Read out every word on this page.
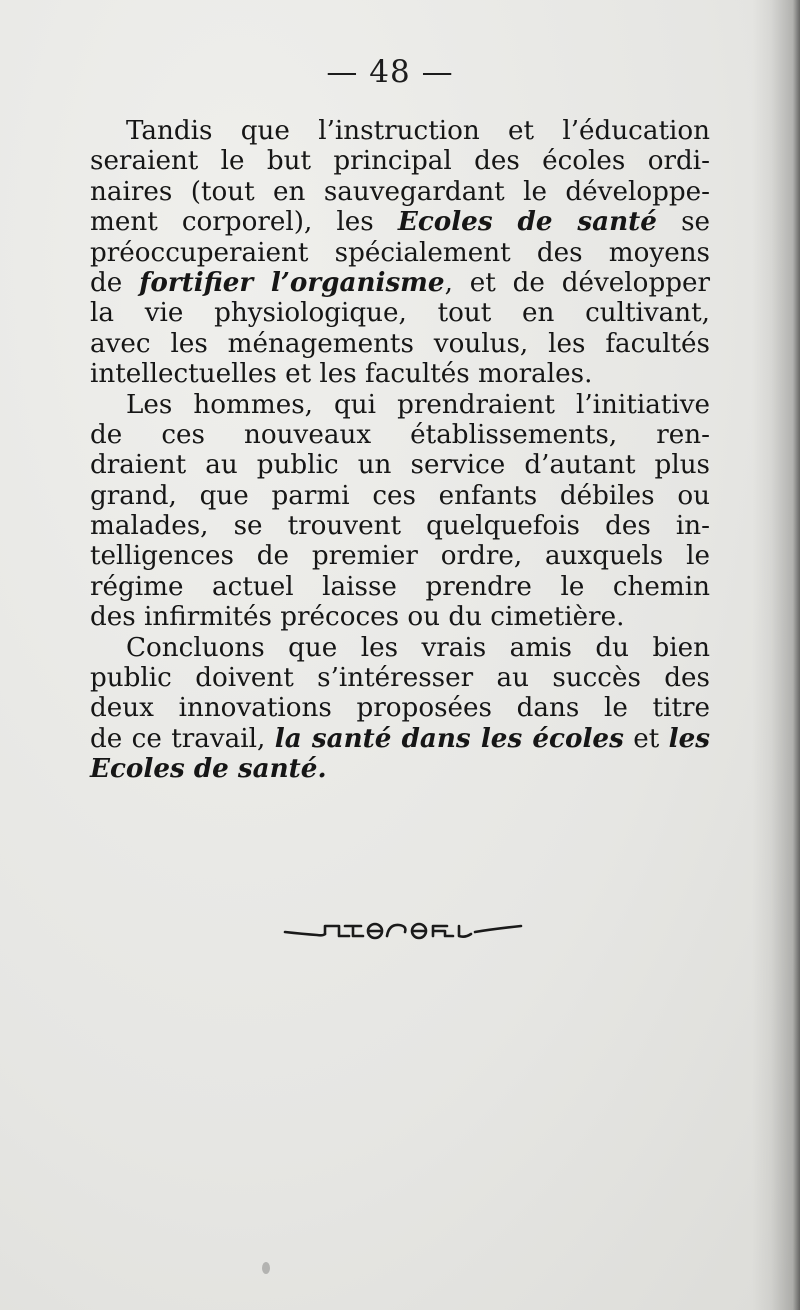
— 48 —
Tandis que l’instruction et l’éducation
seraient le but principal des écoles ordi-
naires (tout en sauvegardant le développe-
ment corporel), les Ecoles de santé se
préoccuperaient spécialement des moyens
de fortifier l’organisme, et de développer
la vie physiologique, tout en cultivant,
avec les ménagements voulus, les facultés
intellectuelles et les facultés morales.
Les hommes, qui prendraient l’initiative
de ces nouveaux établissements, ren-
draient au public un service d’autant plus
grand, que parmi ces enfants débiles ou
malades, se trouvent quelquefois des in-
telligences de premier ordre, auxquels le
régime actuel laisse prendre le chemin
des infirmités précoces ou du cimetière.
Concluons que les vrais amis du bien
public doivent s’intéresser au succès des
deux innovations proposées dans le titre
de ce travail, la santé dans les écoles et les
Ecoles de santé.
